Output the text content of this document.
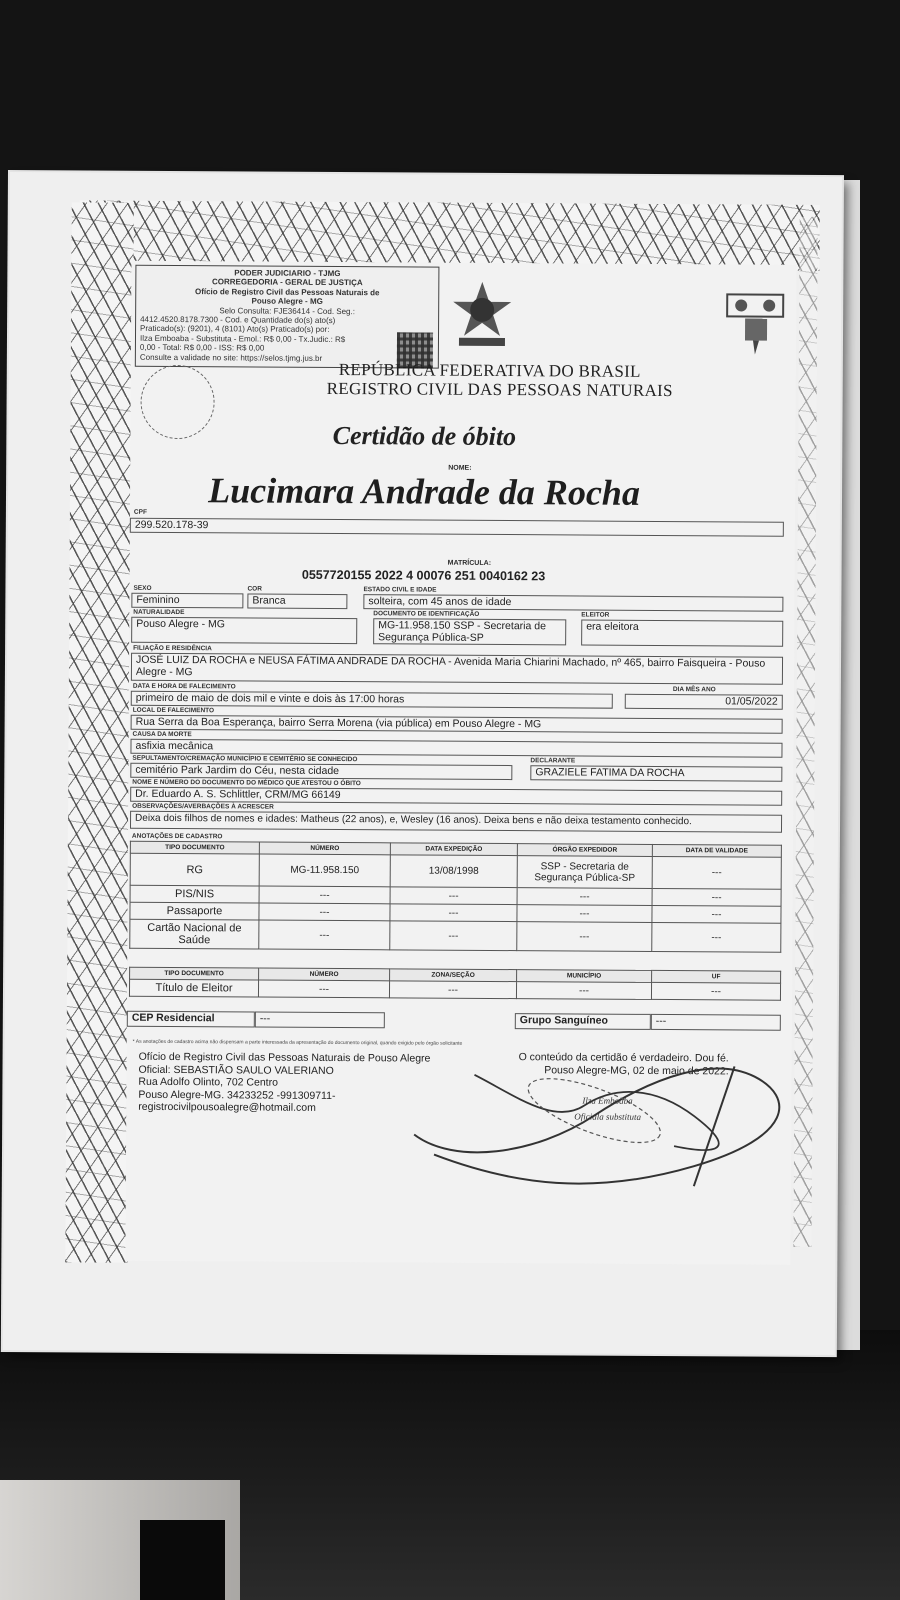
PODER JUDICIARIO - TJMG
CORREGEDORIA - GERAL DE JUSTIÇA
Ofício de Registro Civil das Pessoas Naturais de
Pouso Alegre - MG
Selo Consulta: FJE36414 - Cod. Seg.:
4412.4520.8178.7300 - Cod. e Quantidade do(s) ato(s)
Praticado(s): (9201), 4 (8101) Ato(s) Praticado(s) por:
Ilza Emboaba - Substituta - Emol.: R$ 0,00 - Tx.Judic.: R$
0,00 - Total: R$ 0,00 - ISS: R$ 0,00
Consulte a validade no site: https://selos.tjmg.jus.br
REPÚBLICA FEDERATIVA DO BRASIL
REGISTRO CIVIL DAS PESSOAS NATURAIS
Certidão de óbito
NOME:
Lucimara Andrade da Rocha
CPF
299.520.178-39
MATRÍCULA:
0557720155 2022 4 00076 251 0040162 23
SEXO
Feminino
COR
Branca
ESTADO CIVIL E IDADE
solteira, com 45 anos de idade
NATURALIDADE
Pouso Alegre - MG
DOCUMENTO DE IDENTIFICAÇÃO
MG-11.958.150 SSP - Secretaria de Segurança Pública-SP
ELEITOR
era eleitora
FILIAÇÃO E RESIDÊNCIA
JOSÉ LUIZ DA ROCHA e NEUSA FÁTIMA ANDRADE DA ROCHA - Avenida Maria Chiarini Machado, nº 465, bairro Faisqueira - Pouso Alegre - MG
DATA E HORA DE FALECIMENTO
primeiro de maio de dois mil e vinte e dois às 17:00 horas
DIA MÊS ANO
01/05/2022
LOCAL DE FALECIMENTO
Rua Serra da Boa Esperança, bairro Serra Morena (via pública) em Pouso Alegre - MG
CAUSA DA MORTE
asfixia mecânica
SEPULTAMENTO/CREMAÇÃO MUNICÍPIO E CEMITÉRIO SE CONHECIDO
cemitério Park Jardim do Céu, nesta cidade
DECLARANTE
GRAZIELE FATIMA DA ROCHA
NOME E NÚMERO DO DOCUMENTO DO MÉDICO QUE ATESTOU O ÓBITO
Dr. Eduardo A. S. Schlittler, CRM/MG 66149
OBSERVAÇÕES/AVERBAÇÕES À ACRESCER
Deixa dois filhos de nomes e idades: Matheus (22 anos), e, Wesley (16 anos). Deixa bens e não deixa testamento conhecido.
ANOTAÇÕES DE CADASTRO
TIPO DOCUMENTO	NÚMERO	DATA EXPEDIÇÃO	ÓRGÃO EXPEDIDOR	DATA DE VALIDADE
RG	MG-11.958.150	13/08/1998	SSP - Secretaria de Segurança Pública-SP	---
PIS/NIS	---	---	---	---
Passaporte	---	---	---	---
Cartão Nacional de Saúde	---	---	---	---
TIPO DOCUMENTO	NÚMERO	ZONA/SEÇÃO	MUNICÍPIO	UF
Título de Eleitor	---	---	---	---
CEP Residencial	---	Grupo Sanguíneo	---
* As anotações de cadastro acima não dispensam a parte interessada da apresentação do documento original, quando exigido pelo órgão solicitante
Ofício de Registro Civil das Pessoas Naturais de Pouso Alegre
Oficial: SEBASTIÃO SAULO VALERIANO
Rua Adolfo Olinto, 702 Centro
Pouso Alegre-MG. 34233252 -991309711-
registrocivilpousoalegre@hotmail.com
O conteúdo da certidão é verdadeiro. Dou fé.
Pouso Alegre-MG, 02 de maio de 2022.
Ilza Emboaba
Oficiala substituta
